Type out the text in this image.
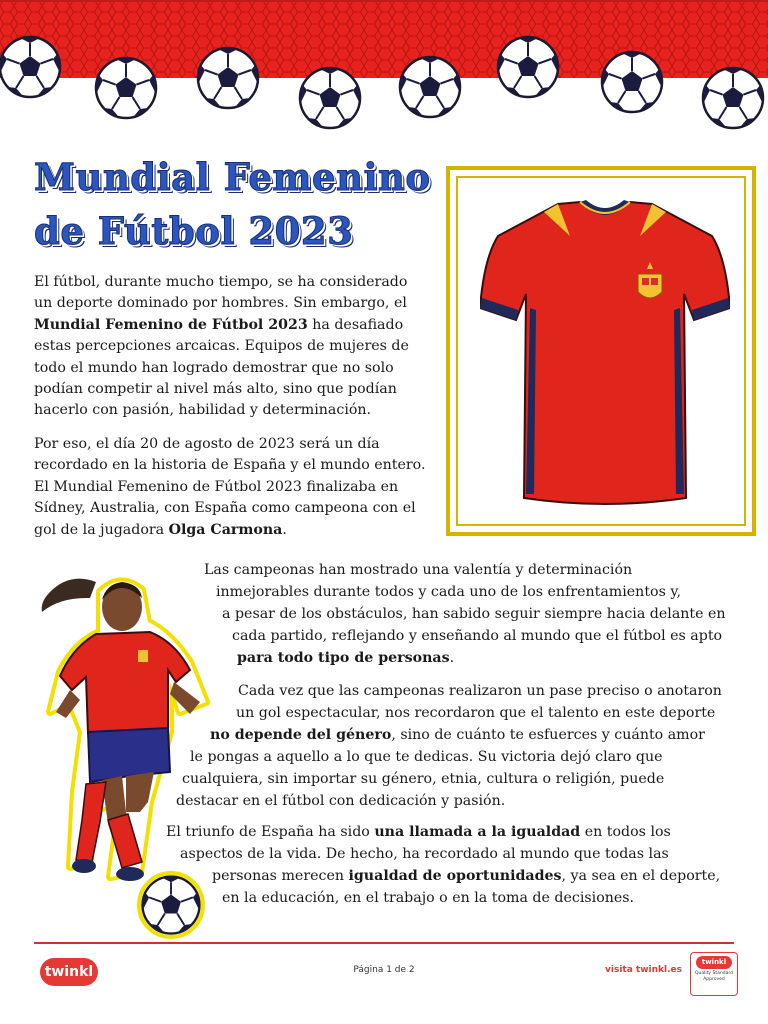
Mundial Femenino
de Fútbol 2023

El fútbol, durante mucho tiempo, se ha considerado un deporte dominado por hombres. Sin embargo, el Mundial Femenino de Fútbol 2023 ha desafiado estas percepciones arcaicas. Equipos de mujeres de todo el mundo han logrado demostrar que no solo podían competir al nivel más alto, sino que podían hacerlo con pasión, habilidad y determinación.

Por eso, el día 20 de agosto de 2023 será un día recordado en la historia de España y el mundo entero. El Mundial Femenino de Fútbol 2023 finalizaba en Sídney, Australia, con España como campeona con el gol de la jugadora Olga Carmona.

Las campeonas han mostrado una valentía y determinación

inmejorables durante todos y cada uno de los enfrentamientos y,

a pesar de los obstáculos, han sabido seguir siempre hacia delante en

cada partido, reflejando y enseñando al mundo que el fútbol es apto

para todo tipo de personas.

Cada vez que las campeonas realizaron un pase preciso o anotaron

un gol espectacular, nos recordaron que el talento en este deporte

no depende del género, sino de cuánto te esfuerces y cuánto amor

le pongas a aquello a lo que te dedicas. Su victoria dejó claro que

cualquiera, sin importar su género, etnia, cultura o religión, puede

destacar en el fútbol con dedicación y pasión.

El triunfo de España ha sido una llamada a la igualdad en todos los

aspectos de la vida. De hecho, ha recordado al mundo que todas las

personas merecen igualdad de oportunidades, ya sea en el deporte,

en la educación, en el trabajo o en la toma de decisiones.

twinkl	Página 1 de 2	visita twinkl.es
twinkl
Quality Standard Approved
